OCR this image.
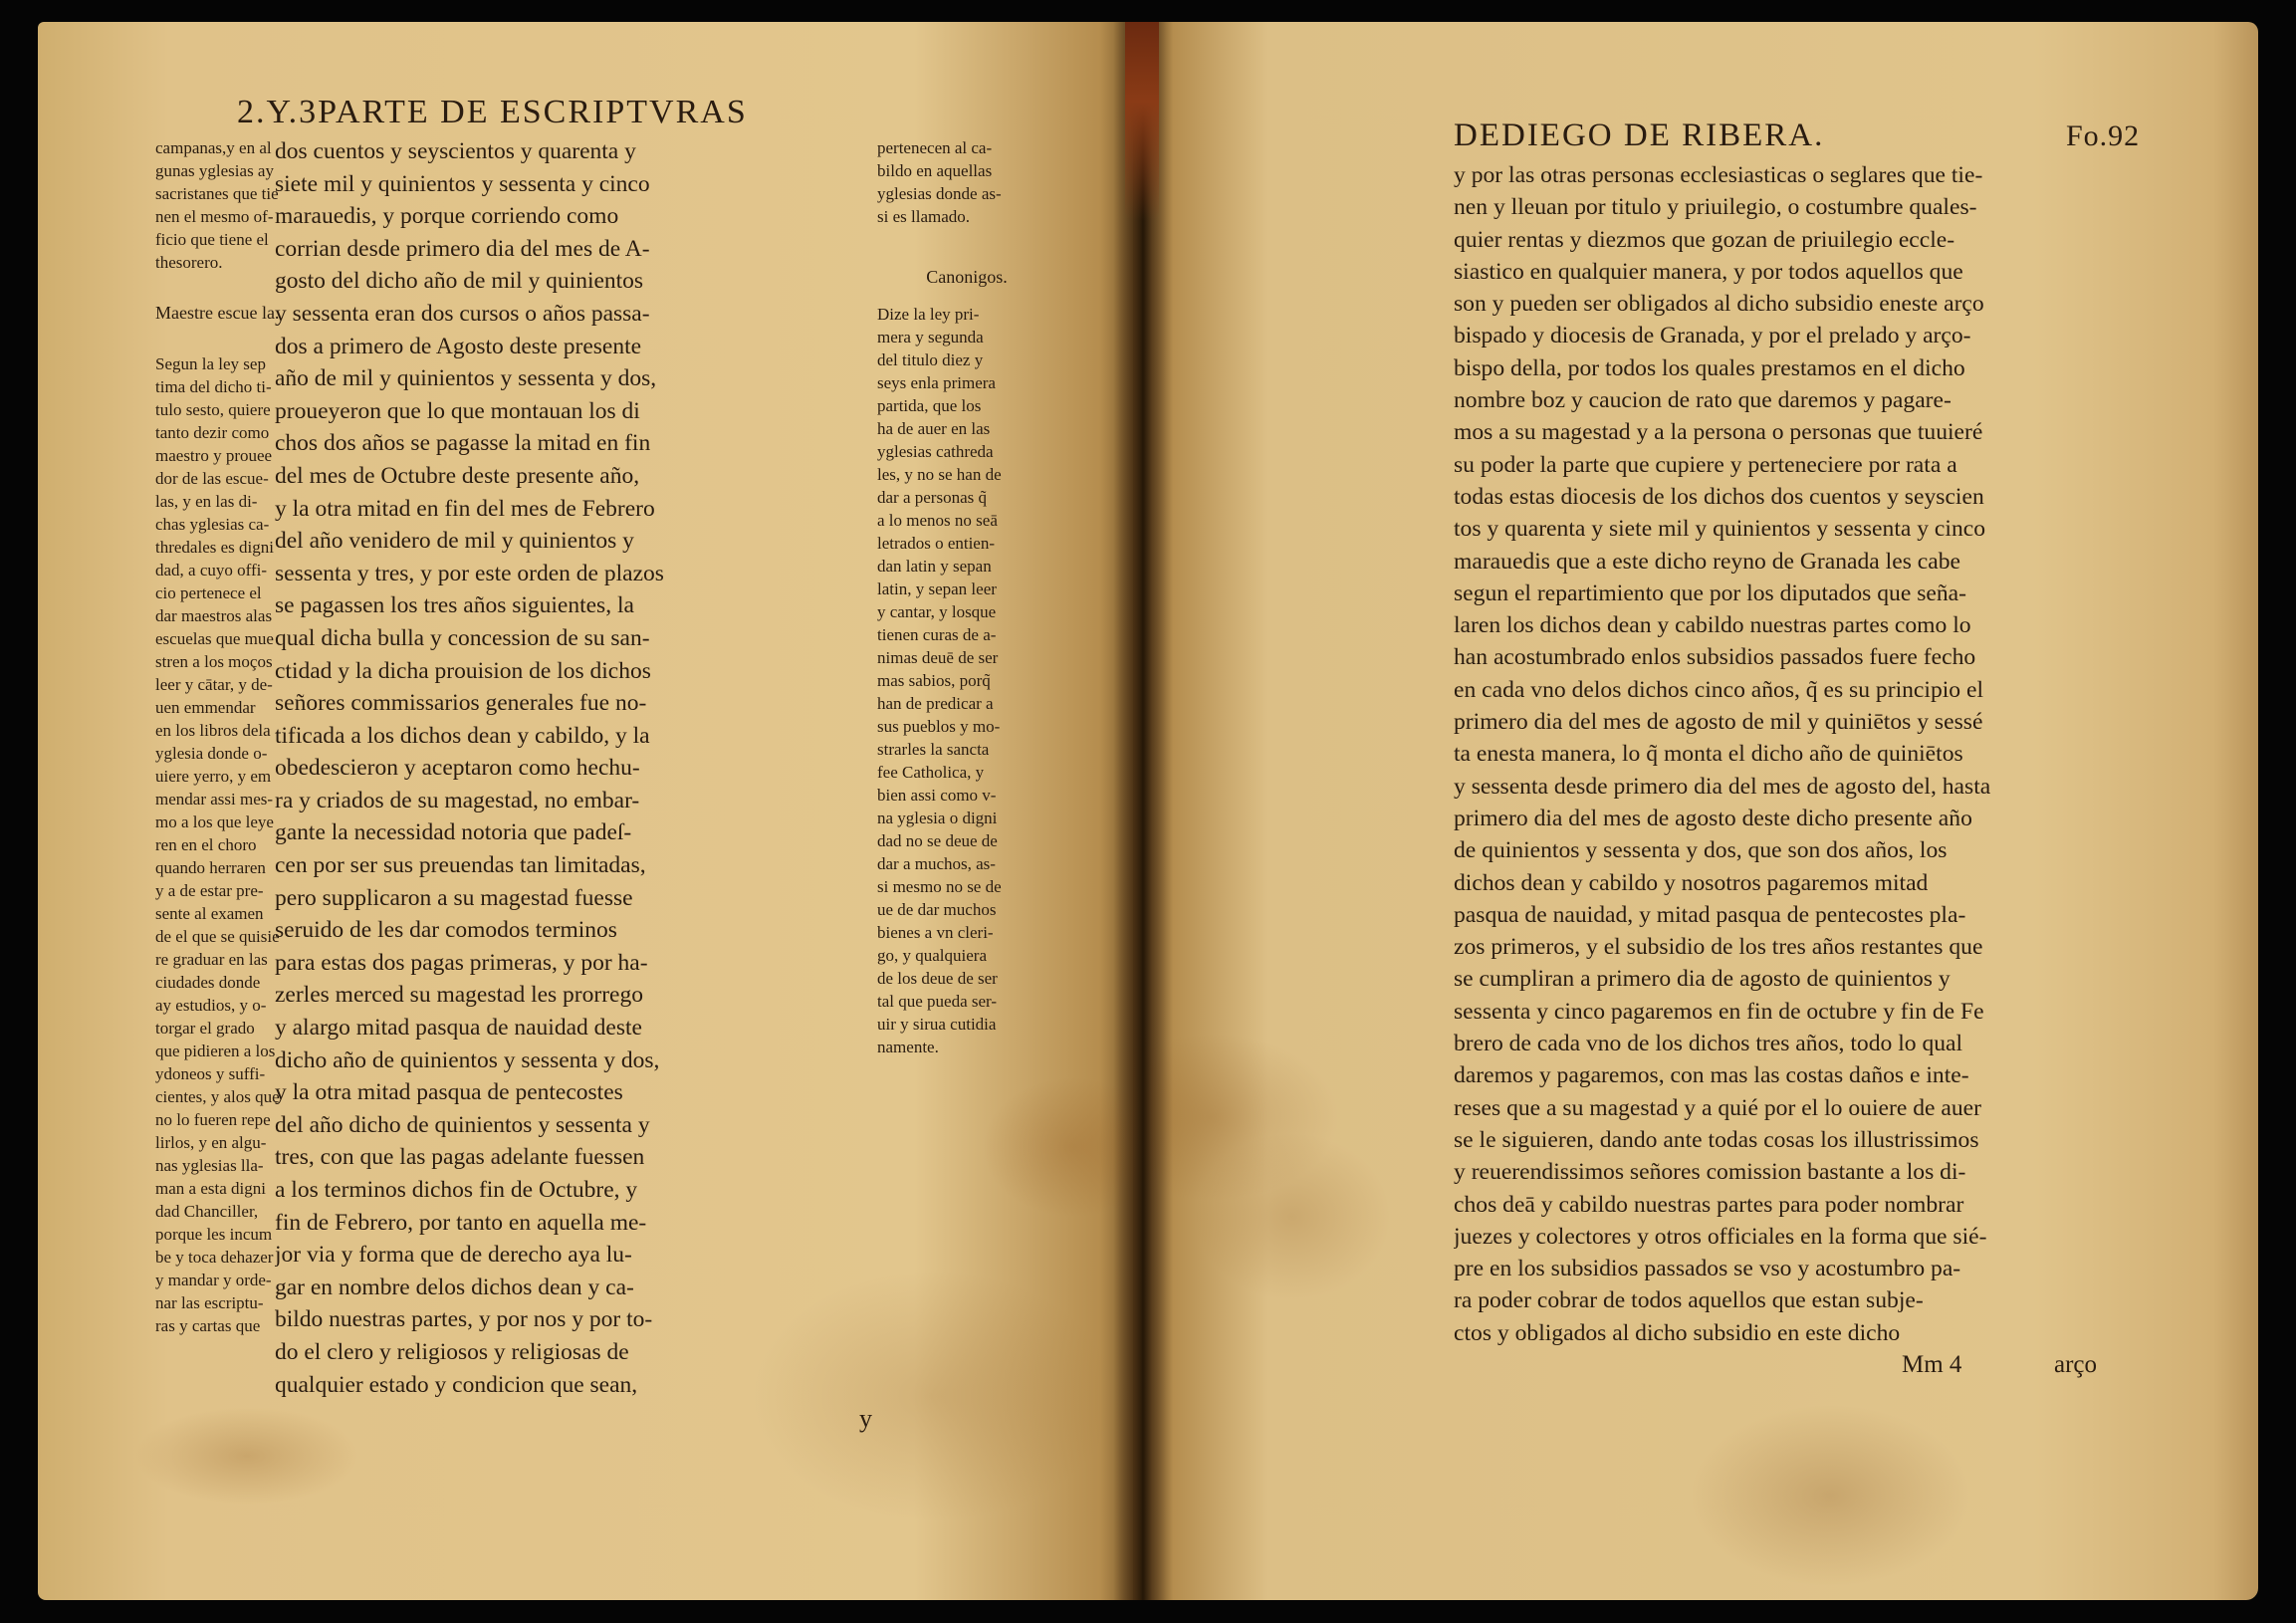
2.Y.3PARTE DE ESCRIPTVRAS
campanas,y en al
gunas yglesias ay
sacristanes que tie
nen el mesmo of-
ficio que tiene el
thesorero.
Maestre escue la.
Segun la ley sep
tima del dicho ti-
tulo sesto, quiere
tanto dezir como
maestro y prouee
dor de las escue-
las, y en las di-
chas yglesias ca-
thredales es digni
dad, a cuyo offi-
cio pertenece el
dar maestros alas
escuelas que mue
stren a los moços
leer y cātar, y de-
uen emmendar
en los libros dela
yglesia donde o-
uiere yerro, y em
mendar assi mes-
mo a los que leye
ren en el choro
quando herraren
y a de estar pre-
sente al examen
de el que se quisie
re graduar en las
ciudades donde
ay estudios, y o-
torgar el grado
que pidieren a los
ydoneos y suffi-
cientes, y alos que
no lo fueren repe
lirlos, y en algu-
nas yglesias lla-
man a esta digni
dad Chanciller,
porque les incum
be y toca dehazer
y mandar y orde-
nar las escriptu-
ras y cartas que
dos cuentos y seyscientos y quarenta y
siete mil y quinientos y sessenta y cinco
marauedis, y porque corriendo como
corrian desde primero dia del mes de A-
gosto del dicho año de mil y quinientos
y sessenta eran dos cursos o años passa-
dos a primero de Agosto deste presente
año de mil y quinientos y sessenta y dos,
proueyeron que lo que montauan los di
chos dos años se pagasse la mitad en fin
del mes de Octubre deste presente año,
y la otra mitad en fin del mes de Febrero
del año venidero de mil y quinientos y
sessenta y tres, y por este orden de plazos
se pagassen los tres años siguientes, la
qual dicha bulla y concession de su san-
ctidad y la dicha prouision de los dichos
señores commissarios generales fue no-
tificada a los dichos dean y cabildo, y la
obedescieron y aceptaron como hechu-
ra y criados de su magestad, no embar-
gante la necessidad notoria que padeſ-
cen por ser sus preuendas tan limitadas,
pero supplicaron a su magestad fuesse
seruido de les dar comodos terminos
para estas dos pagas primeras, y por ha-
zerles merced su magestad les prorrego
y alargo mitad pasqua de nauidad deste
dicho año de quinientos y sessenta y dos,
y la otra mitad pasqua de pentecostes
del año dicho de quinientos y sessenta y
tres, con que las pagas adelante fuessen
a los terminos dichos fin de Octubre, y
fin de Febrero, por tanto en aquella me-
jor via y forma que de derecho aya lu-
gar en nombre delos dichos dean y ca-
bildo nuestras partes, y por nos y por to-
do el clero y religiosos y religiosas de
qualquier estado y condicion que sean,
y
pertenecen al ca-
bildo en aquellas
yglesias donde as-
si es llamado.
Canonigos.
Dize la ley pri-
mera y segunda
del titulo diez y
seys enla primera
partida, que los
ha de auer en las
yglesias cathreda
les, y no se han de
dar a personas q̃
a lo menos no seā
letrados o entien-
dan latin y sepan
latin, y sepan leer
y cantar, y losque
tienen curas de a-
nimas deuē de ser
mas sabios, porq̃
han de predicar a
sus pueblos y mo-
strarles la sancta
fee Catholica, y
bien assi como v-
na yglesia o digni
dad no se deue de
dar a muchos, as-
si mesmo no se de
ue de dar muchos
bienes a vn cleri-
go, y qualquiera
de los deue de ser
tal que pueda ser-
uir y sirua cutidia
namente.
DEDIEGO DE RIBERA.	Fo.92
y por las otras personas ecclesiasticas o seglares que tie-
nen y lleuan por titulo y priuilegio, o costumbre quales-
quier rentas y diezmos que gozan de priuilegio eccle-
siastico en qualquier manera, y por todos aquellos que
son y pueden ser obligados al dicho subsidio eneste arço
bispado y diocesis de Granada, y por el prelado y arço-
bispo della, por todos los quales prestamos en el dicho
nombre boz y caucion de rato que daremos y pagare-
mos a su magestad y a la persona o personas que tuuieré
su poder la parte que cupiere y perteneciere por rata a
todas estas diocesis de los dichos dos cuentos y seyscien
tos y quarenta y siete mil y quinientos y sessenta y cinco
marauedis que a este dicho reyno de Granada les cabe
segun el repartimiento que por los diputados que seña-
laren los dichos dean y cabildo nuestras partes como lo
han acostumbrado enlos subsidios passados fuere fecho
en cada vno delos dichos cinco años, q̃ es su principio el
primero dia del mes de agosto de mil y quiniētos y sessé
ta enesta manera, lo q̃ monta el dicho año de quiniētos
y sessenta desde primero dia del mes de agosto del, hasta
primero dia del mes de agosto deste dicho presente año
de quinientos y sessenta y dos, que son dos años, los
dichos dean y cabildo y nosotros pagaremos mitad
pasqua de nauidad, y mitad pasqua de pentecostes pla-
zos primeros, y el subsidio de los tres años restantes que
se cumpliran a primero dia de agosto de quinientos y
sessenta y cinco pagaremos en fin de octubre y fin de Fe
brero de cada vno de los dichos tres años, todo lo qual
daremos y pagaremos, con mas las costas daños e inte-
reses que a su magestad y a quié por el lo ouiere de auer
se le siguieren, dando ante todas cosas los illustrissimos
y reuerendissimos señores comission bastante a los di-
chos deā y cabildo nuestras partes para poder nombrar
juezes y colectores y otros officiales en la forma que sié-
pre en los subsidios passados se vso y acostumbro pa-
ra poder cobrar de todos aquellos que estan subje-
ctos y obligados al dicho subsidio en este dicho
Mm 4	arço
